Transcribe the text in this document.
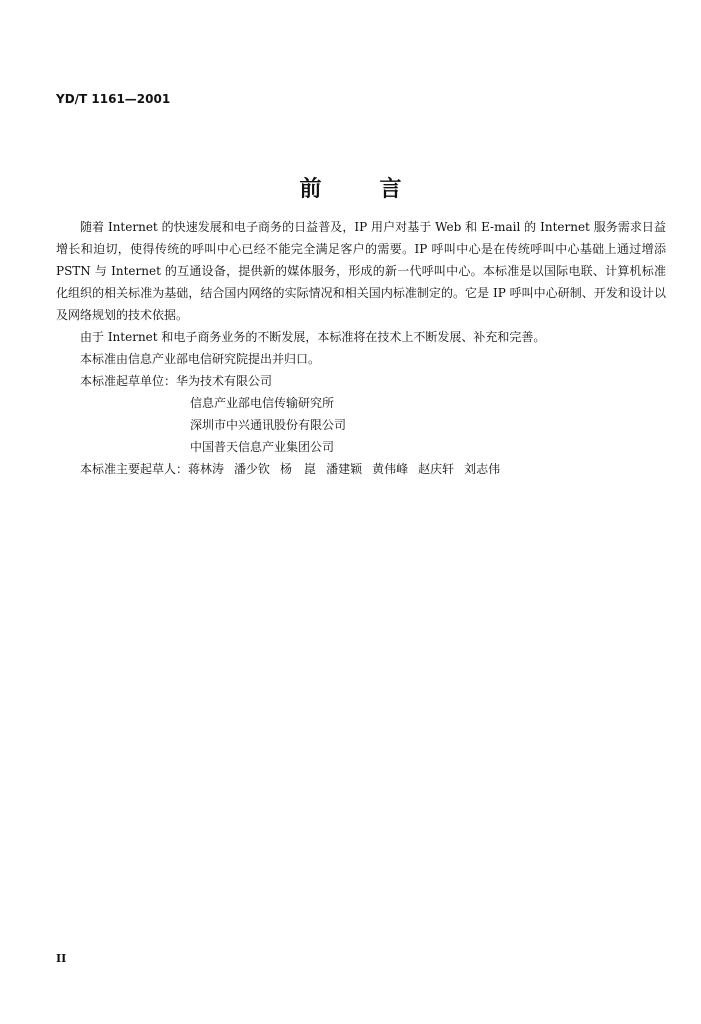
YD/T 1161—2001
前言

随着 Internet 的快速发展和电子商务的日益普及，IP 用户对基于 Web 和 E-mail 的 Internet 服务需求日益增长和迫切，使得传统的呼叫中心已经不能完全满足客户的需要。IP 呼叫中心是在传统呼叫中心基础上通过增添 PSTN 与 Internet 的互通设备，提供新的媒体服务，形成的新一代呼叫中心。本标准是以国际电联、计算机标准化组织的相关标准为基础，结合国内网络的实际情况和相关国内标准制定的。它是 IP 呼叫中心研制、开发和设计以及网络规划的技术依据。

由于 Internet 和电子商务业务的不断发展，本标准将在技术上不断发展、补充和完善。

本标准由信息产业部电信研究院提出并归口。

本标准起草单位：华为技术有限公司

信息产业部电信传输研究所

深圳市中兴通讯股份有限公司

中国普天信息产业集团公司

本标准主要起草人：蒋林涛 潘少钦 杨　崑 潘建颖 黄伟峰 赵庆轩 刘志伟

II
